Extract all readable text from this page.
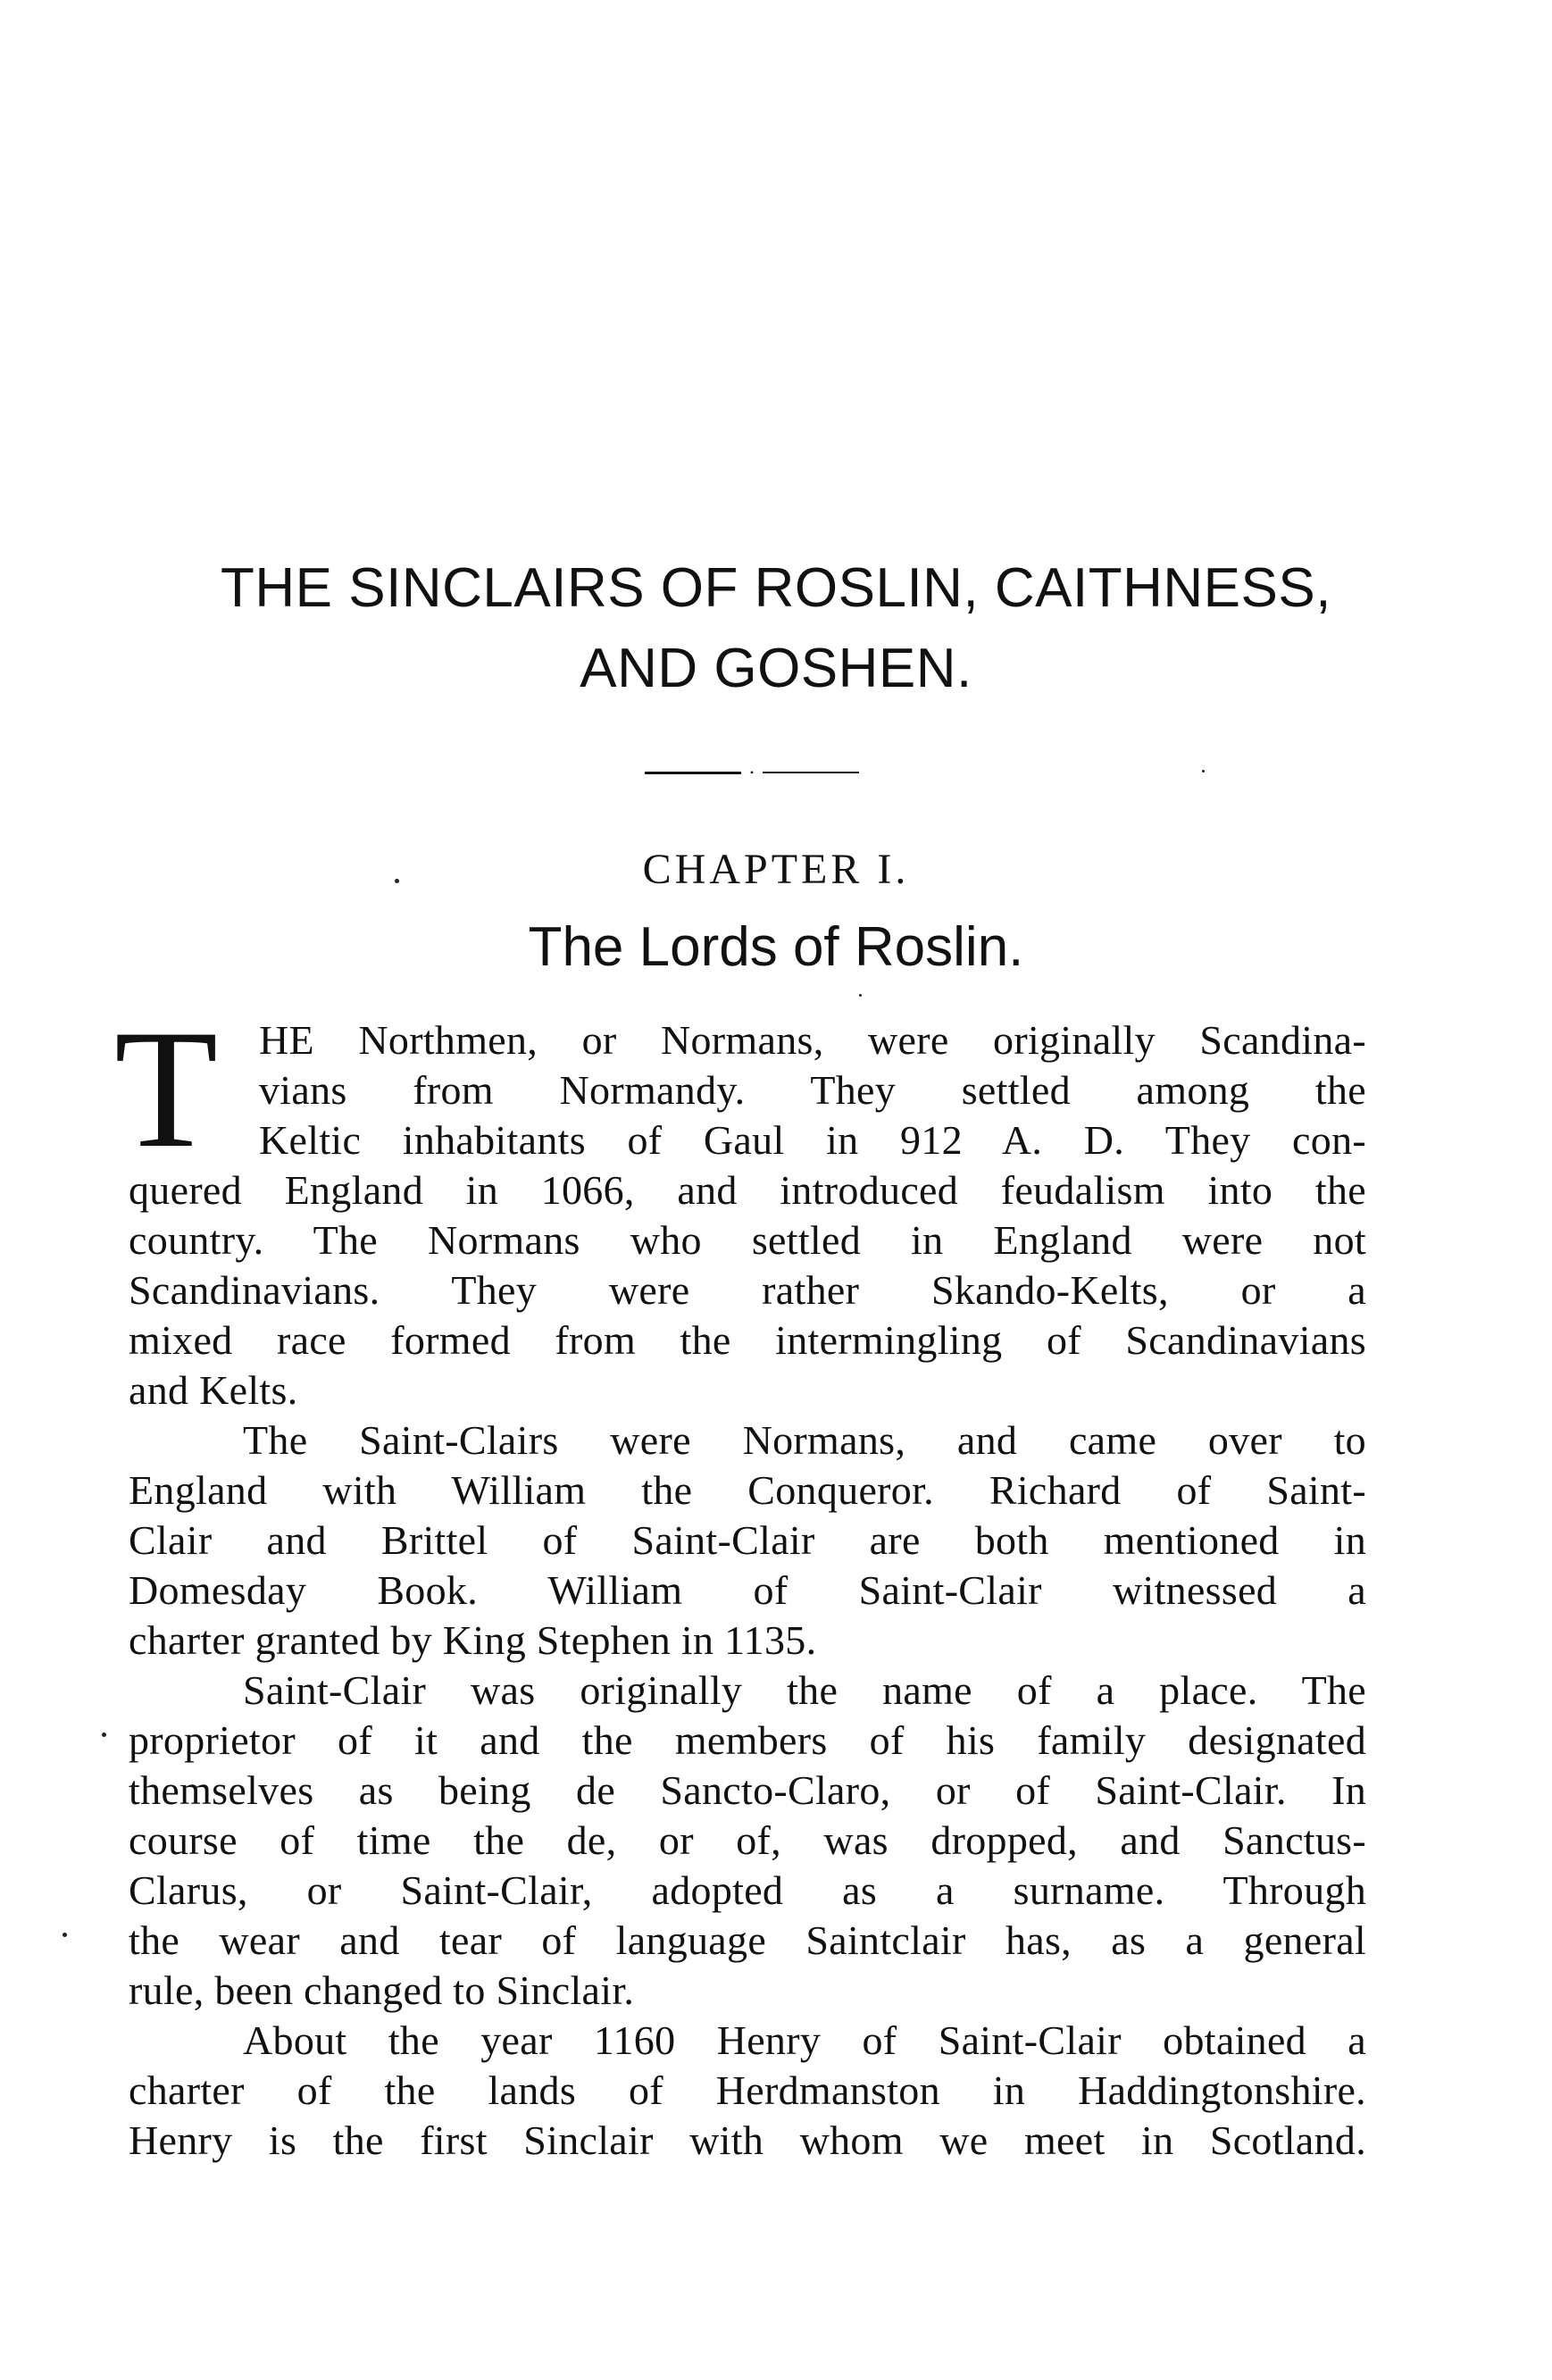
THE SINCLAIRS OF ROSLIN, CAITHNESS,
AND GOSHEN.
•
CHAPTER I.
The Lords of Roslin.
T HE Northmen, or Normans, were originally Scandina-
vians from Normandy. They settled among the
Keltic inhabitants of Gaul in 912 A. D. They con-
quered England in 1066, and introduced feudalism into the
country. The Normans who settled in England were not
Scandinavians. They were rather Skando-Kelts, or a
mixed race formed from the intermingling of Scandinavians
and Kelts.
The Saint-Clairs were Normans, and came over to
England with William the Conqueror. Richard of Saint-
Clair and Brittel of Saint-Clair are both mentioned in
Domesday Book. William of Saint-Clair witnessed a
charter granted by King Stephen in 1135.
Saint-Clair was originally the name of a place. The
proprietor of it and the members of his family designated
themselves as being de Sancto-Claro, or of Saint-Clair. In
course of time the de, or of, was dropped, and Sanctus-
Clarus, or Saint-Clair, adopted as a surname. Through
the wear and tear of language Saintclair has, as a general
rule, been changed to Sinclair.
About the year 1160 Henry of Saint-Clair obtained a
charter of the lands of Herdmanston in Haddingtonshire.
Henry is the first Sinclair with whom we meet in Scotland.
